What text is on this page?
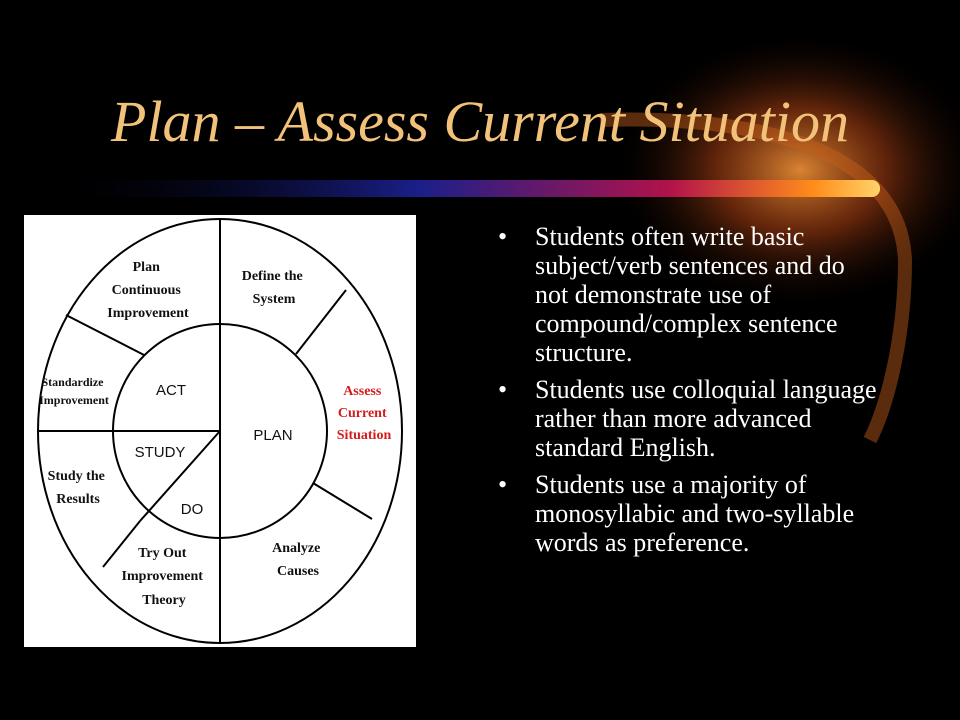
Plan – Assess Current Situation
Define the System
Assess Current Situation
Analyze Causes
Try Out Improvement Theory
Study the Results
Standardize Improvement
Plan Continuous Improvement
PLAN
ACT
STUDY
DO
• Students often write basic subject/verb sentences and do not demonstrate use of compound/complex sentence structure.
• Students use colloquial language rather than more advanced standard English.
• Students use a majority of monosyllabic and two-syllable words as preference.
